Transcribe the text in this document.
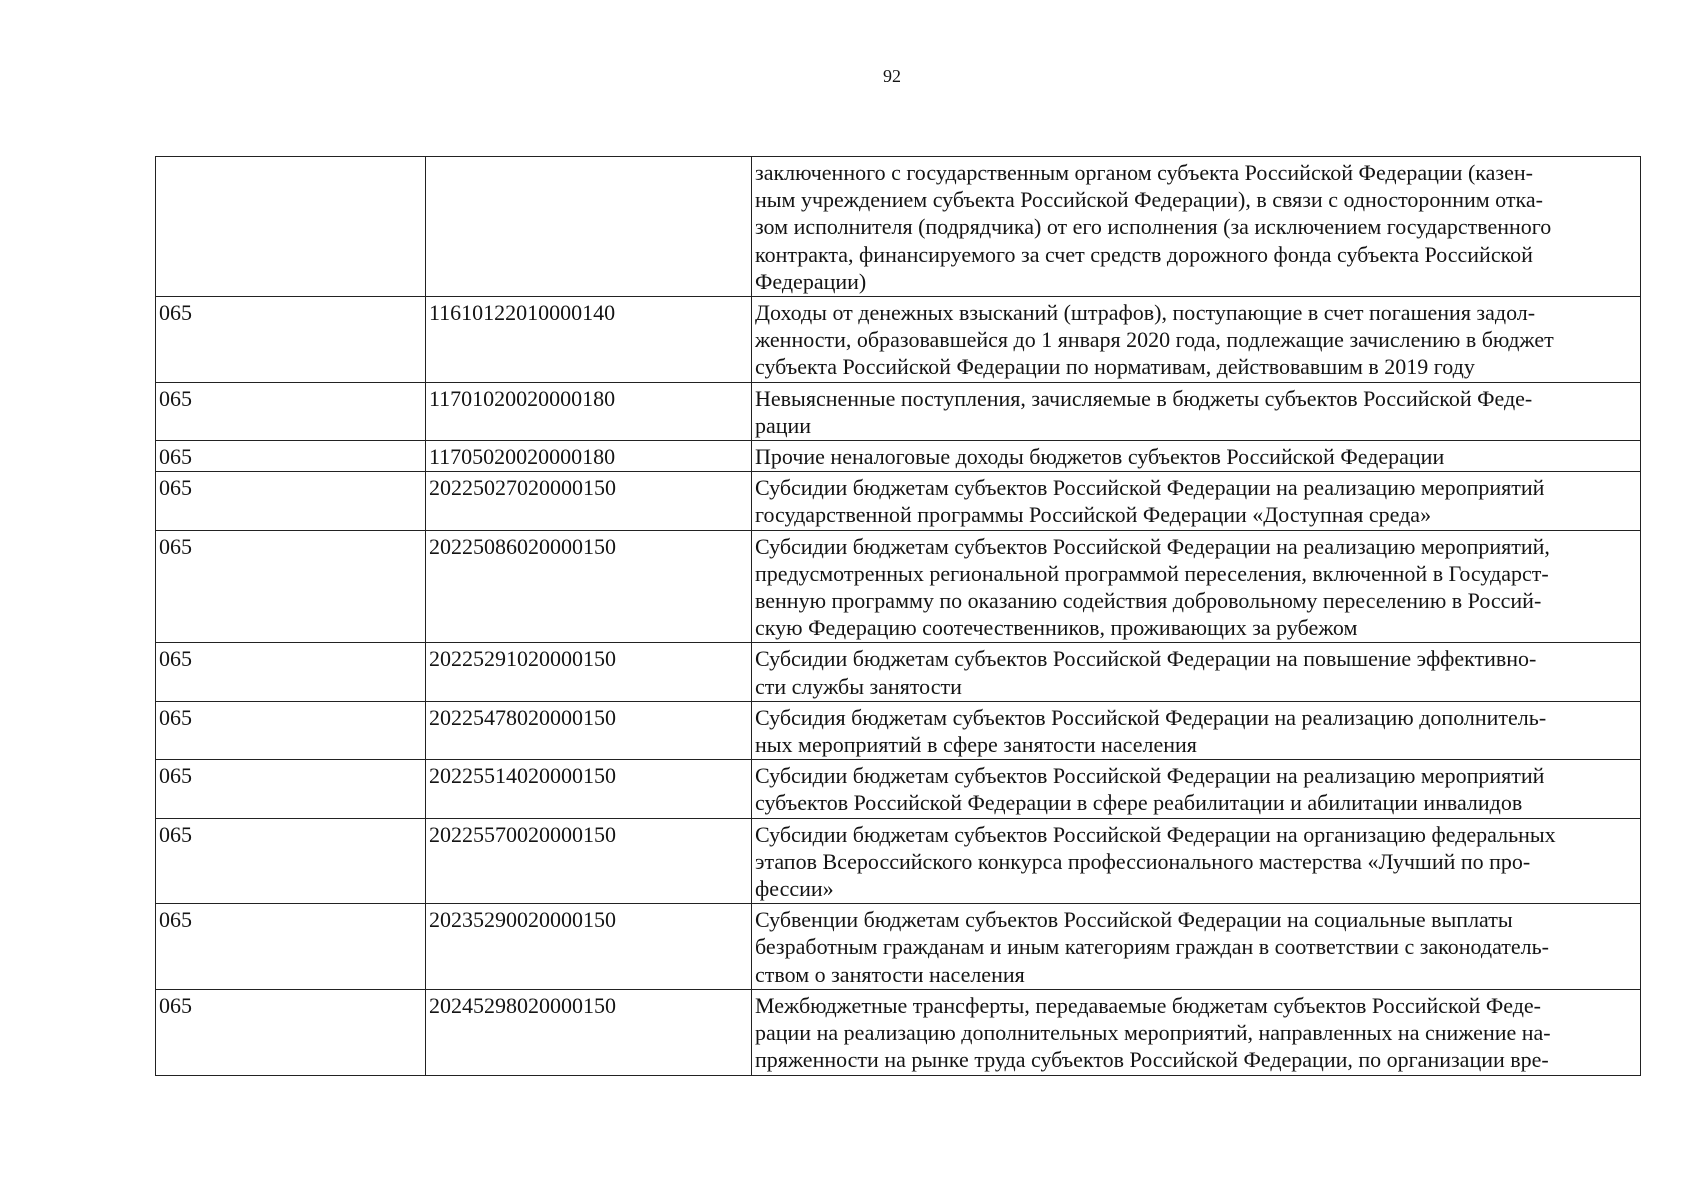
92

		заключенного с государственным органом субъекта Российской Федерации (казен-
ным учреждением субъекта Российской Федерации), в связи с односторонним отка-
зом исполнителя (подрядчика) от его исполнения (за исключением государственного
контракта, финансируемого за счет средств дорожного фонда субъекта Российской
Федерации)

065	11610122010000140	Доходы от денежных взысканий (штрафов), поступающие в счет погашения задол-
женности, образовавшейся до 1 января 2020 года, подлежащие зачислению в бюджет
субъекта Российской Федерации по нормативам, действовавшим в 2019 году

065	11701020020000180	Невыясненные поступления, зачисляемые в бюджеты субъектов Российской Феде-
рации

065	11705020020000180	Прочие неналоговые доходы бюджетов субъектов Российской Федерации

065	20225027020000150	Субсидии бюджетам субъектов Российской Федерации на реализацию мероприятий
государственной программы Российской Федерации «Доступная среда»

065	20225086020000150	Субсидии бюджетам субъектов Российской Федерации на реализацию мероприятий,
предусмотренных региональной программой переселения, включенной в Государст-
венную программу по оказанию содействия добровольному переселению в Россий-
скую Федерацию соотечественников, проживающих за рубежом

065	20225291020000150	Субсидии бюджетам субъектов Российской Федерации на повышение эффективно-
сти службы занятости

065	20225478020000150	Субсидия бюджетам субъектов Российской Федерации на реализацию дополнитель-
ных мероприятий в сфере занятости населения

065	20225514020000150	Субсидии бюджетам субъектов Российской Федерации на реализацию мероприятий
субъектов Российской Федерации в сфере реабилитации и абилитации инвалидов

065	20225570020000150	Субсидии бюджетам субъектов Российской Федерации на организацию федеральных
этапов Всероссийского конкурса профессионального мастерства «Лучший по про-
фессии»

065	20235290020000150	Субвенции бюджетам субъектов Российской Федерации на социальные выплаты
безработным гражданам и иным категориям граждан в соответствии с законодатель-
ством о занятости населения

065	20245298020000150	Межбюджетные трансферты, передаваемые бюджетам субъектов Российской Феде-
рации на реализацию дополнительных мероприятий, направленных на снижение на-
пряженности на рынке труда субъектов Российской Федерации, по организации вре-
